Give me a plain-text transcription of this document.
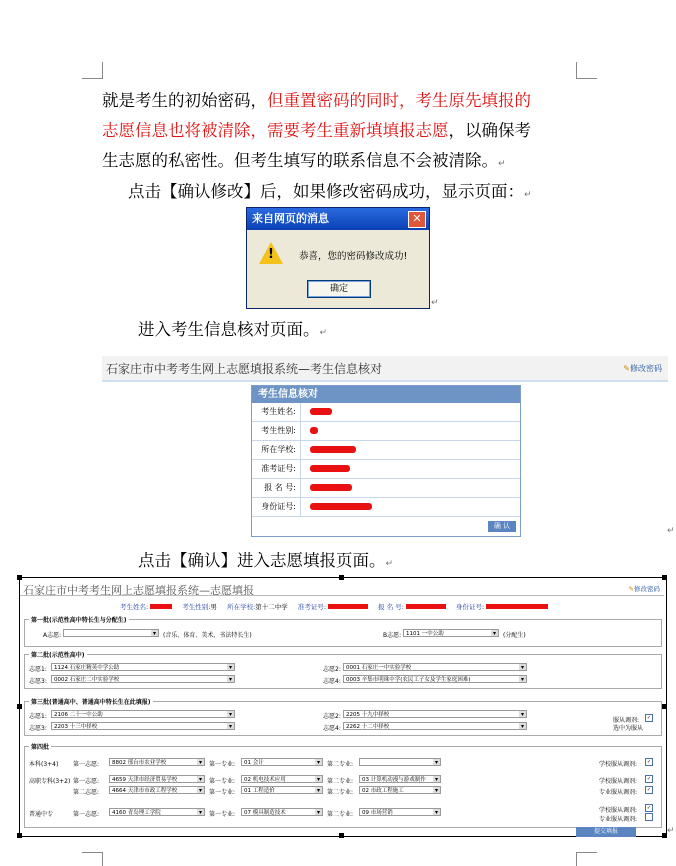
就是考生的初始密码，但重置密码的同时，考生原先填报的
志愿信息也将被清除，需要考生重新填填报志愿，以确保考
生志愿的私密性。但考生填写的联系信息不会被清除。↵
点击【确认修改】后，如果修改密码成功，显示页面：↵
来自网页的消息	✕
!	恭喜，您的密码修改成功!
确定
↵
进入考生信息核对页面。↵
石家庄市中考考生网上志愿填报系统—考生信息核对	✎修改密码
考生信息核对
考生姓名:
考生性别:
所在学校:
准考证号:
报 名 号:
身份证号:
确 认	↵
点击【确认】进入志愿填报页面。↵
石家庄市中考考生网上志愿填报系统—志愿填报	✎修改密码
考生姓名:	考生性别:男 所在学校:第十二中学 准考证号:	报 名 号:	身份证号:
第一批(示范性高中特长生与分配生)
A志愿: ▾	(音乐、体育、美术、书法特长生)	B志愿: 1101 一中公助 ▾	(分配生)
第二批(示范性高中)
志愿1:	1124 石家庄精英中学公助 ▾	志愿2: 0001 石家庄一中实验学校 ▾
志愿3:	0002 石家庄二中实验学校 ▾	志愿4: 0003 辛集市明珠中学(农民工子女及学生家庭困难) ▾
第三批(普通高中、普通高中特长生在此填报)
志愿1:	2106 二十一中公助 ▾	志愿2: 2205 十九中择校 ▾
志愿3:	2203 十三中择校 ▾	志愿4: 2262 十二中择校 ▾
服从调剂:	✓
选中为服从
第四批
本科(3+4) 第一志愿:	8802 邢台市农业学校 ▾	第一专业:	01 会计 ▾	第二专业: ▾	学校服从调剂:	✓
高职专科(3+2) 第一志愿:	4659 天津市经济贸易学校 ▾	第一专业:	02 机电技术应用 ▾	第二专业:	03 计算机动漫与游戏制作 ▾	学校服从调剂:	✓
第二志愿:	4664 天津市市政工程学校 ▾	第一专业:	01 工程造价 ▾	第二专业:	02 市政工程施工 ▾	专业服从调剂:	✓
普通中专	第一志愿:	4160 青岛理工学院 ▾	第一专业:	07 模具制造技术 ▾	第二专业:	09 市场营销 ▾	学校服从调剂:	✓
专业服从调剂:
提交填报	↵
